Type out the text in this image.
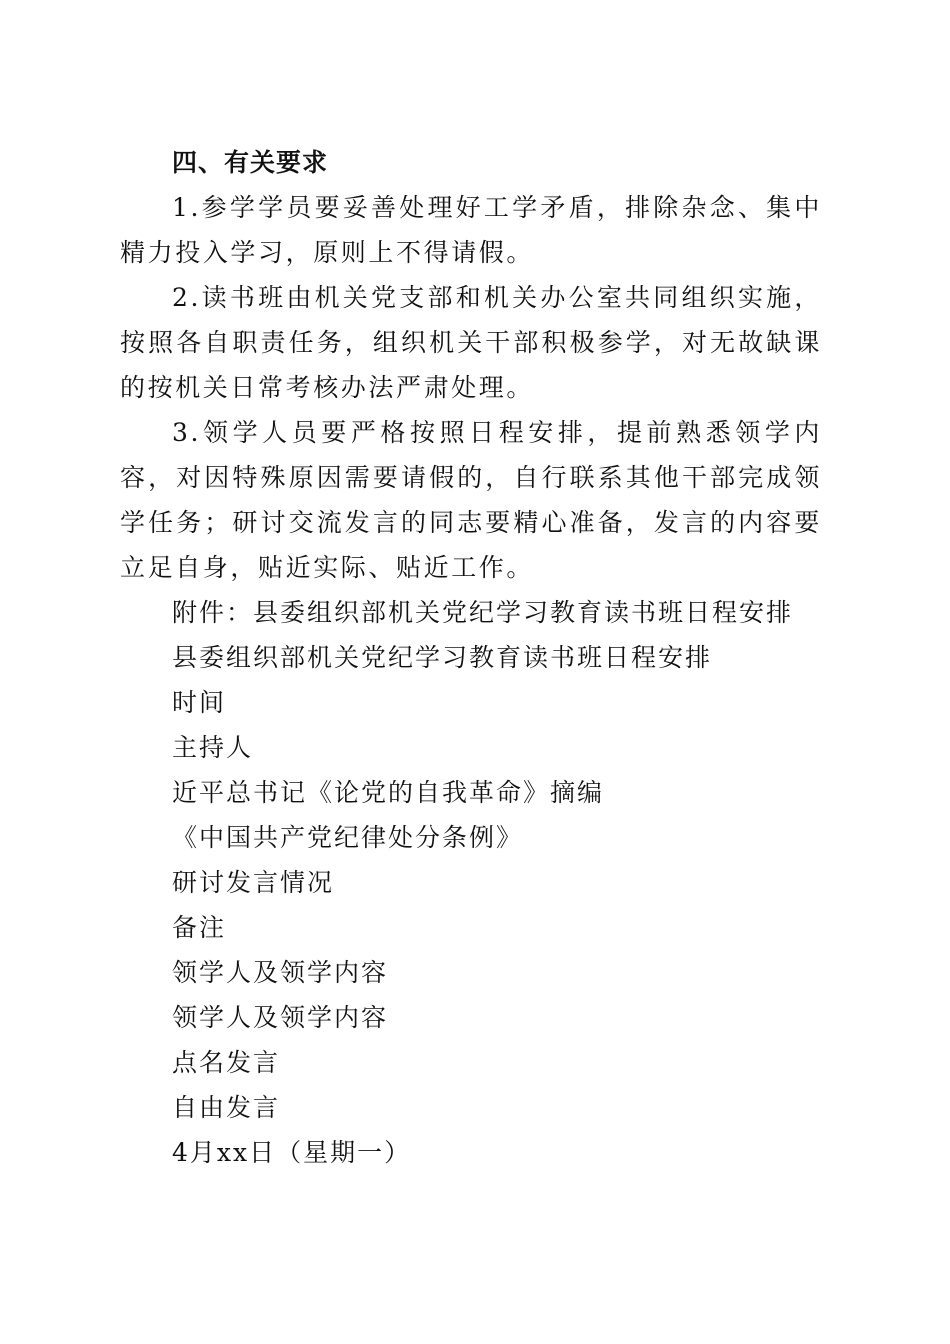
四、有关要求

1.参学学员要妥善处理好工学矛盾，排除杂念、集中精力投入学习，原则上不得请假。

2.读书班由机关党支部和机关办公室共同组织实施，按照各自职责任务，组织机关干部积极参学，对无故缺课的按机关日常考核办法严肃处理。

3.领学人员要严格按照日程安排，提前熟悉领学内容，对因特殊原因需要请假的，自行联系其他干部完成领学任务；研讨交流发言的同志要精心准备，发言的内容要立足自身，贴近实际、贴近工作。

附件：县委组织部机关党纪学习教育读书班日程安排
县委组织部机关党纪学习教育读书班日程安排
时间
主持人
近平总书记《论党的自我革命》摘编
《中国共产党纪律处分条例》
研讨发言情况
备注
领学人及领学内容
领学人及领学内容
点名发言
自由发言
4月xx日（星期一）
